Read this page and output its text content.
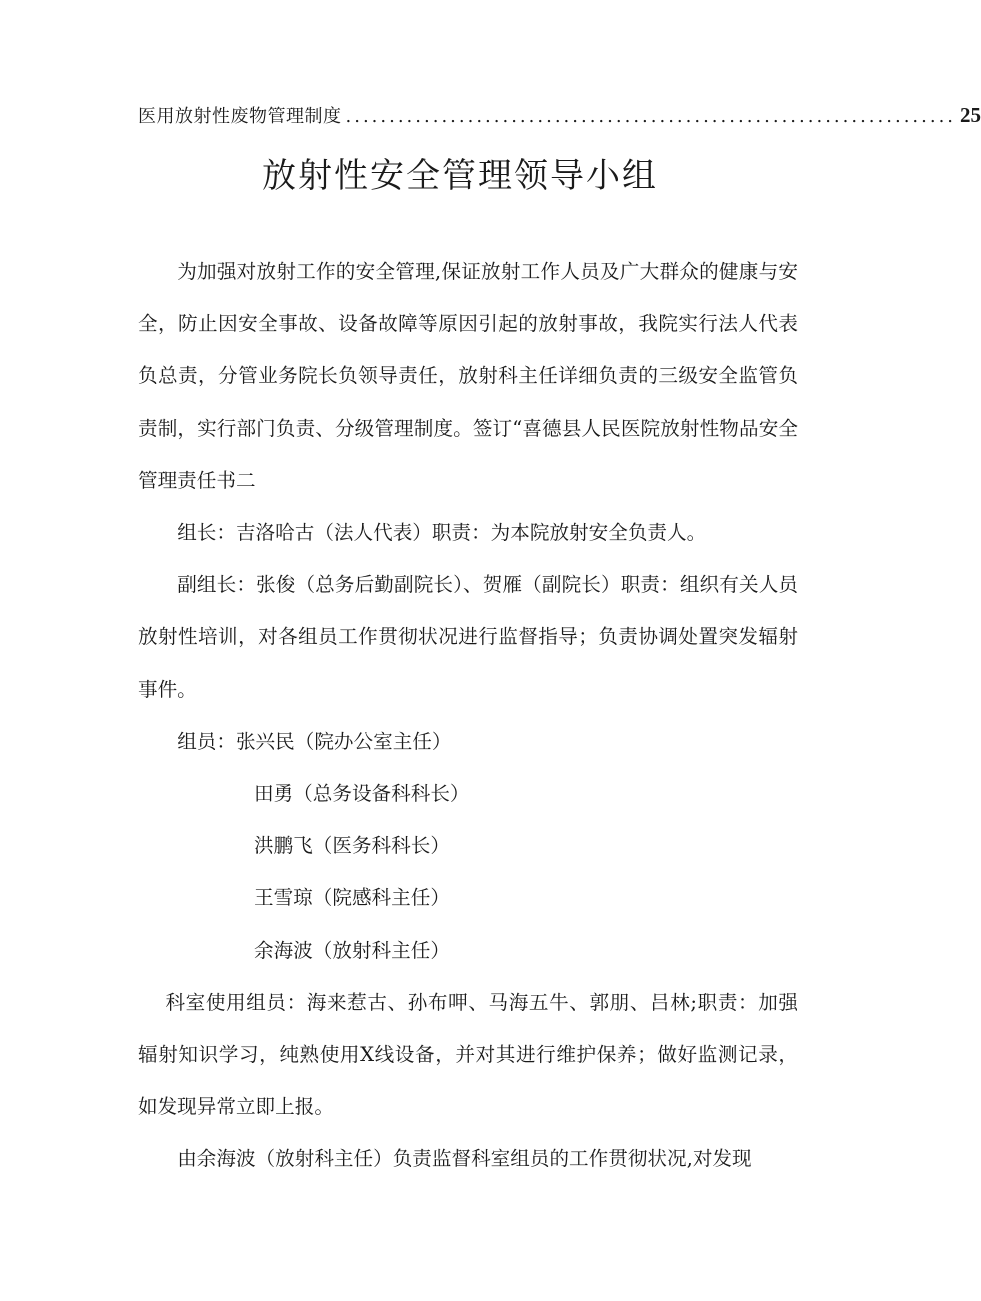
医用放射性废物管理制度 ...................................................................... 25
放射性安全管理领导小组

为加强对放射工作的安全管理,保证放射工作人员及广大群众的健康与安全，防止因安全事故、设备故障等原因引起的放射事故，我院实行法人代表负总责，分管业务院长负领导责任，放射科主任详细负责的三级安全监管负责制，实行部门负责、分级管理制度。签订“喜德县人民医院放射性物品安全管理责任书二

组长：吉洛哈古（法人代表）职责：为本院放射安全负责人。

副组长：张俊（总务后勤副院长）、贺雁（副院长）职责：组织有关人员放射性培训，对各组员工作贯彻状况进行监督指导；负责协调处置突发辐射事件。

组员：张兴民（院办公室主任）

田勇（总务设备科科长）

洪鹏飞（医务科科长）

王雪琼（院感科主任）

余海波（放射科主任）

科室使用组员：海来惹古、孙布呷、马海五牛、郭朋、吕林;职责：加强辐射知识学习，纯熟使用X线设备，并对其进行维护保养；做好监测记录，如发现异常立即上报。

由余海波（放射科主任）负责监督科室组员的工作贯彻状况,对发现
